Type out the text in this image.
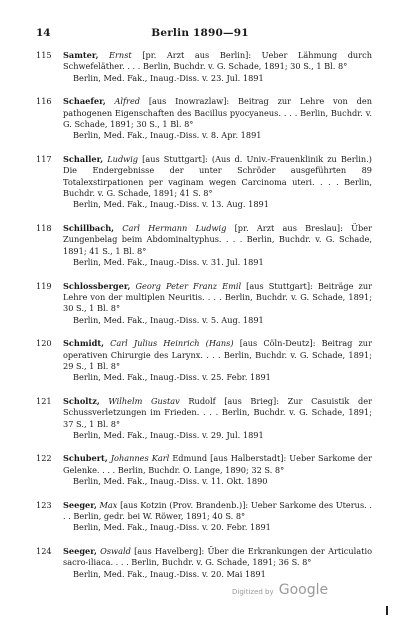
14	Berlin 1890—91
115	Samter, Ernst [pr. Arzt aus Berlin]: Ueber Lähmung durch Schwefeläther. . . . Berlin, Buchdr. v. G. Schade, 1891; 30 S., 1 Bl. 8°
Berlin, Med. Fak., Inaug.-Diss. v. 23. Jul. 1891
116	Schaefer, Alfred [aus Inowrazlaw]: Beitrag zur Lehre von den pathogenen Eigenschaften des Bacillus pyocyaneus. . . . Berlin, Buchdr. v. G. Schade, 1891; 30 S., 1 Bl. 8°
Berlin, Med. Fak., Inaug.-Diss. v. 8. Apr. 1891
117	Schaller, Ludwig [aus Stuttgart]: (Aus d. Univ.-Frauenklinik zu Berlin.) Die Endergebnisse der unter Schröder ausgeführten 89 Totalexstirpationen per vaginam wegen Carcinoma uteri. . . . Berlin, Buchdr. v. G. Schade, 1891; 41 S. 8°
Berlin, Med. Fak., Inaug.-Diss. v. 13. Aug. 1891
118	Schillbach, Carl Hermann Ludwig [pr. Arzt aus Breslau]: Über Zungenbelag beim Abdominaltyphus. . . . Berlin, Buchdr. v. G. Schade, 1891; 41 S., 1 Bl. 8°
Berlin, Med. Fak., Inaug.-Diss. v. 31. Jul. 1891
119	Schlossberger, Georg Peter Franz Emil [aus Stuttgart]: Beiträge zur Lehre von der multiplen Neuritis. . . . Berlin, Buchdr. v. G. Schade, 1891; 30 S., 1 Bl. 8°
Berlin, Med. Fak., Inaug.-Diss. v. 5. Aug. 1891
120	Schmidt, Carl Julius Heinrich (Hans) [aus Cöln-Deutz]: Beitrag zur operativen Chirurgie des Larynx. . . . Berlin, Buchdr. v. G. Schade, 1891; 29 S., 1 Bl. 8°
Berlin, Med. Fak., Inaug.-Diss. v. 25. Febr. 1891
121	Scholtz, Wilhelm Gustav Rudolf [aus Brieg]: Zur Casuistik der Schussverletzungen im Frieden. . . . Berlin, Buchdr. v. G. Schade, 1891; 37 S., 1 Bl. 8°
Berlin, Med. Fak., Inaug.-Diss. v. 29. Jul. 1891
122	Schubert, Johannes Karl Edmund [aus Halberstadt]: Ueber Sarkome der Gelenke. . . . Berlin, Buchdr. O. Lange, 1890; 32 S. 8°
Berlin, Med. Fak., Inaug.-Diss. v. 11. Okt. 1890
123	Seeger, Max [aus Kotzin (Prov. Brandenb.)]: Ueber Sarkome des Uterus. . . . Berlin, gedr. bei W. Röwer, 1891; 40 S. 8°
Berlin, Med. Fak., Inaug.-Diss. v. 20. Febr. 1891
124	Seeger, Oswald [aus Havelberg]: Über die Erkrankungen der Articulatio sacro-iliaca. . . . Berlin, Buchdr. v. G. Schade, 1891; 36 S. 8°
Berlin, Med. Fak., Inaug.-Diss. v. 20. Mai 1891
Digitized by Google
